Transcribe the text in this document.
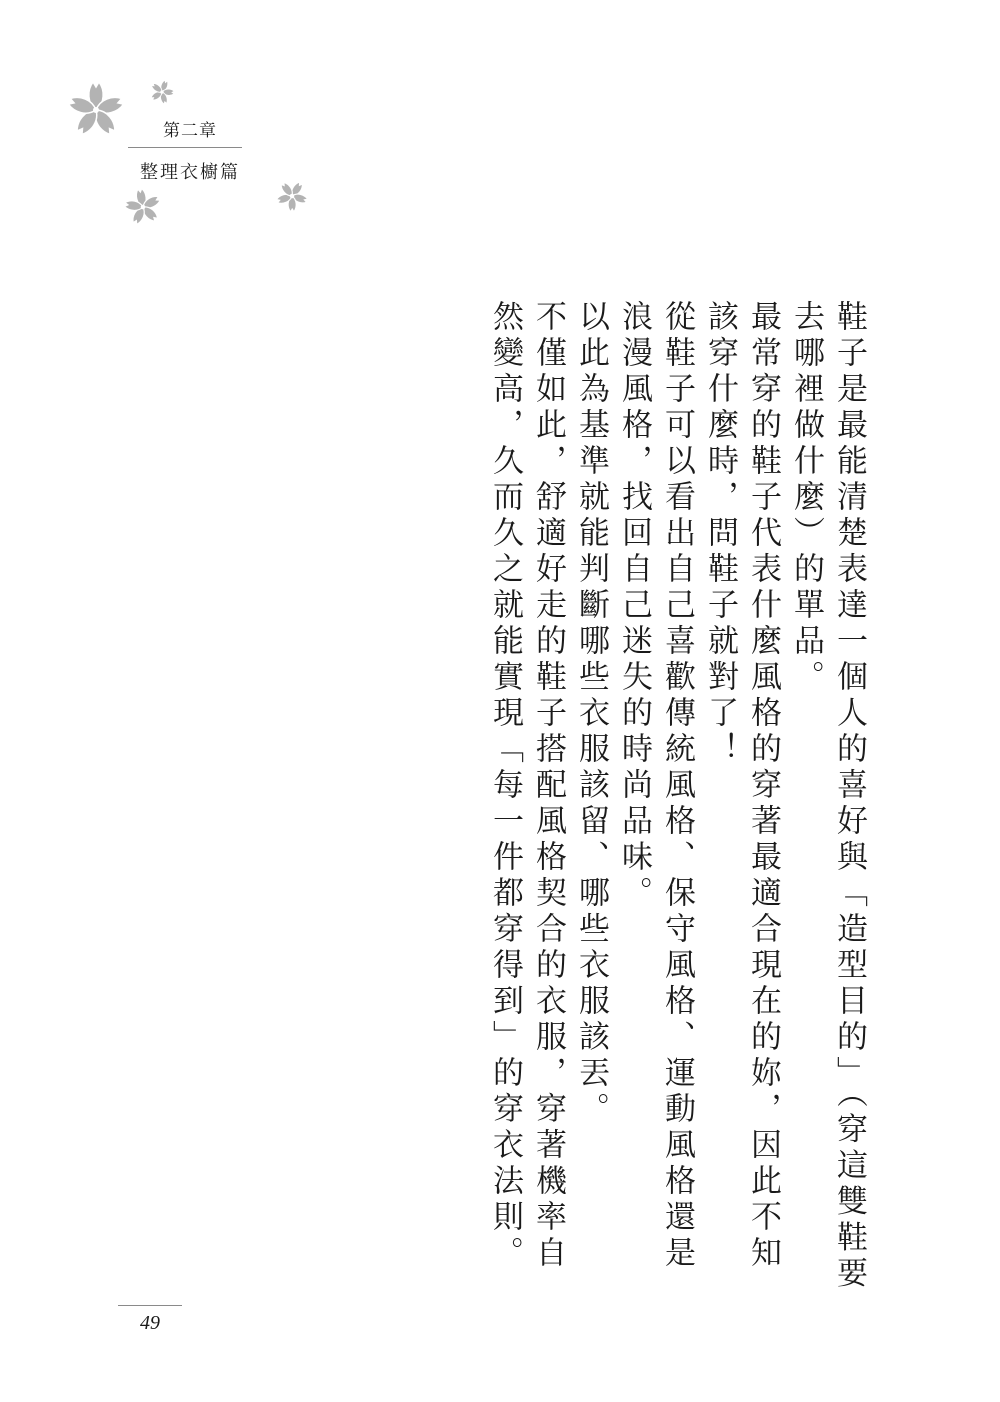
第二章
整理衣櫥篇

鞋子是最能清楚表達一個人的喜好與「造型目的」（穿這雙鞋要去哪裡做什麼）的單品。

最常穿的鞋子代表什麼風格的穿著最適合現在的妳，因此不知該穿什麼時，問鞋子就對了！

從鞋子可以看出自己喜歡傳統風格、保守風格、運動風格還是浪漫風格，找回自己迷失的時尚品味。

以此為基準就能判斷哪些衣服該留、哪些衣服該丟。

不僅如此，舒適好走的鞋子搭配風格契合的衣服，穿著機率自然變高，久而久之就能實現「每一件都穿得到」的穿衣法則。

49
